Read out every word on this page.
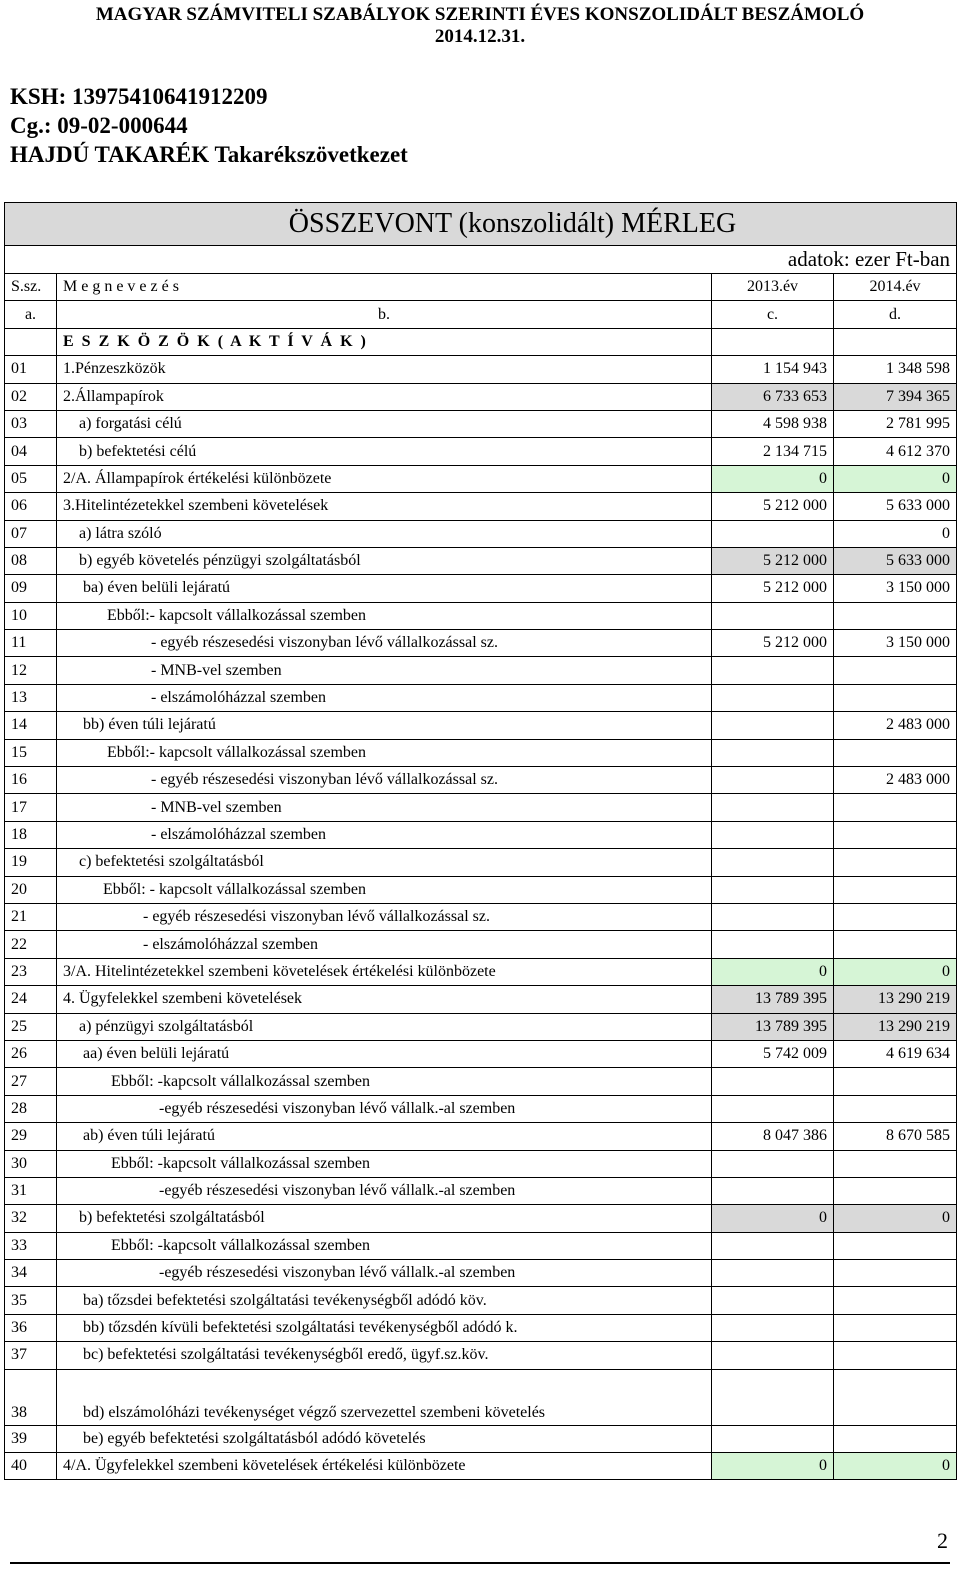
MAGYAR SZÁMVITELI SZABÁLYOK SZERINTI ÉVES KONSZOLIDÁLT BESZÁMOLÓ
2014.12.31.
KSH: 13975410641912209
Cg.: 09-02-000644
HAJDÚ TAKARÉK Takarékszövetkezet
ÖSSZEVONT (konszolidált) MÉRLEG			
adatok: ezer Ft-ban			
S.sz.	M e g n e v e z é s	2013.év	2014.év
a.	b.	c.	d.
	E S Z K Ö Z Ö K ( A K T Í V Á K )		
01	1.Pénzeszközök	1 154 943	1 348 598
02	2.Állampapírok	6 733 653	7 394 365
03	a) forgatási célú	4 598 938	2 781 995
04	b) befektetési célú	2 134 715	4 612 370
05	2/A. Állampapírok értékelési különbözete	0	0
06	3.Hitelintézetekkel szembeni követelések	5 212 000	5 633 000
07	a) látra szóló		0
08	b) egyéb követelés pénzügyi szolgáltatásból	5 212 000	5 633 000
09	ba) éven belüli lejáratú	5 212 000	3 150 000
10	Ebből:- kapcsolt vállalkozással szemben		
11	- egyéb részesedési viszonyban lévő vállalkozással sz.	5 212 000	3 150 000
12	- MNB-vel szemben		
13	- elszámolóházzal szemben		
14	bb) éven túli lejáratú		2 483 000
15	Ebből:- kapcsolt vállalkozással szemben		
16	- egyéb részesedési viszonyban lévő vállalkozással sz.		2 483 000
17	- MNB-vel szemben		
18	- elszámolóházzal szemben		
19	c) befektetési szolgáltatásból		
20	Ebből: - kapcsolt vállalkozással szemben		
21	- egyéb részesedési viszonyban lévő vállalkozással sz.		
22	- elszámolóházzal szemben		
23	3/A. Hitelintézetekkel szembeni követelések értékelési különbözete	0	0
24	4. Ügyfelekkel szembeni követelések	13 789 395	13 290 219
25	a) pénzügyi szolgáltatásból	13 789 395	13 290 219
26	aa) éven belüli lejáratú	5 742 009	4 619 634
27	Ebből: -kapcsolt vállalkozással szemben		
28	-egyéb részesedési viszonyban lévő vállalk.-al szemben		
29	ab) éven túli lejáratú	8 047 386	8 670 585
30	Ebből: -kapcsolt vállalkozással szemben		
31	-egyéb részesedési viszonyban lévő vállalk.-al szemben		
32	b) befektetési szolgáltatásból	0	0
33	Ebből: -kapcsolt vállalkozással szemben		
34	-egyéb részesedési viszonyban lévő vállalk.-al szemben		
35	ba) tőzsdei befektetési szolgáltatási tevékenységből adódó köv.		
36	bb) tőzsdén kívüli befektetési szolgáltatási tevékenységből adódó k.		
37	bc) befektetési szolgáltatási tevékenységből eredő, ügyf.sz.köv.		
38	bd) elszámolóházi tevékenységet végző szervezettel szembeni követelés		
39	be) egyéb befektetési szolgáltatásból adódó követelés		
40	4/A. Ügyfelekkel szembeni követelések értékelési különbözete	0	0
2
